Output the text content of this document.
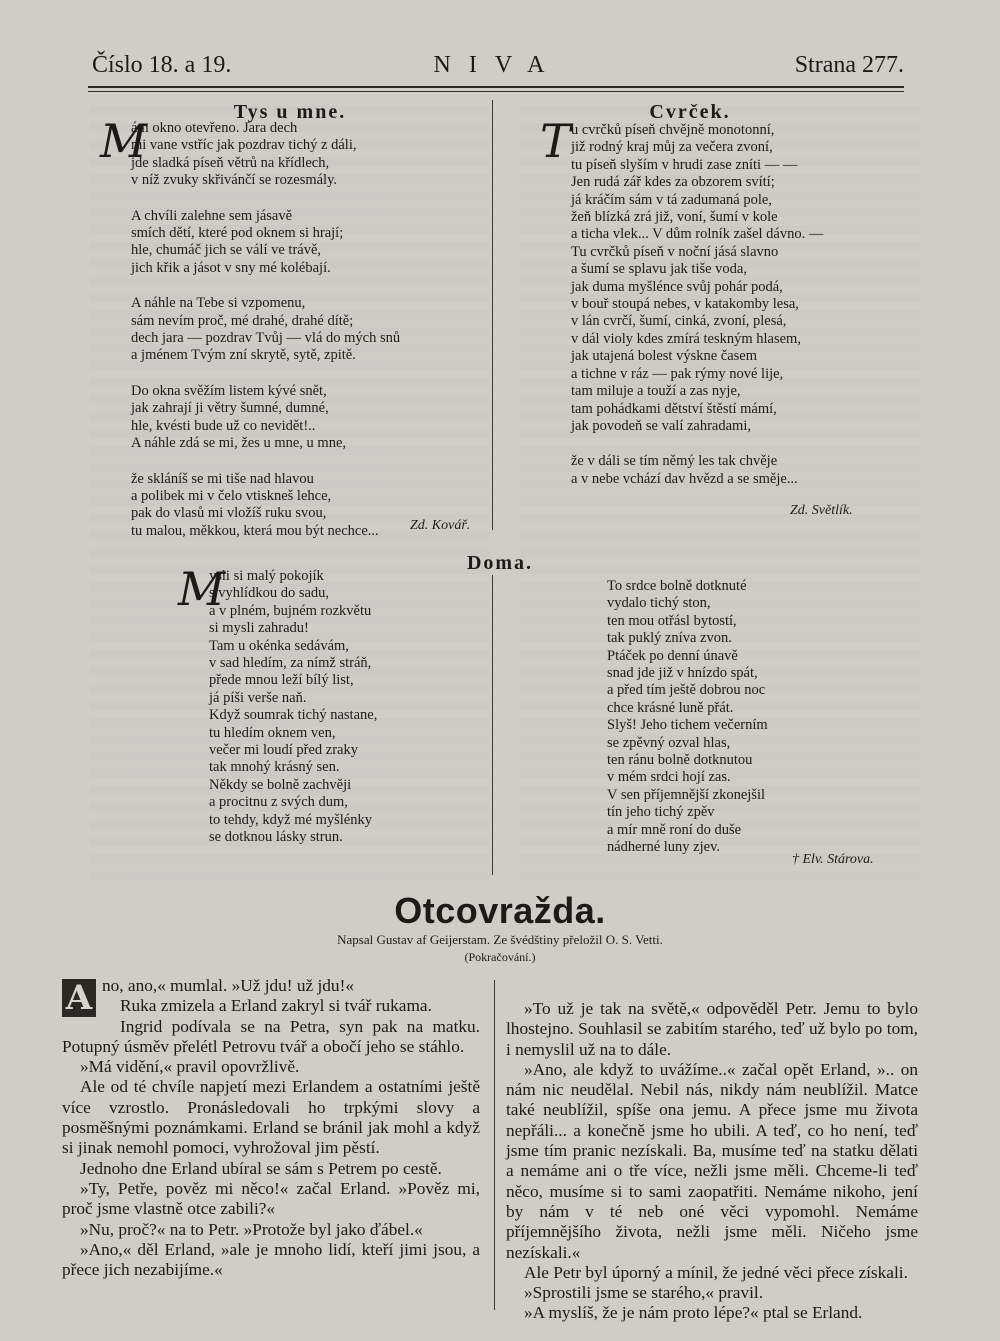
Číslo 18. a 19.	NIVA	Strana 277.
Tys u mne.
M
ám okno otevřeno. Jara dech
mi vane vstříc jak pozdrav tichý z dáli,
jde sladká píseň větrů na křídlech,
v níž zvuky skřivánčí se rozesmály.
A chvíli zalehne sem jásavě
smích dětí, které pod oknem si hrají;
hle, chumáč jich se válí ve trávě,
jich křik a jásot v sny mé kolébají.
A náhle na Tebe si vzpomenu,
sám nevím proč, mé drahé, drahé dítě;
dech jara — pozdrav Tvůj — vlá do mých snů
a jménem Tvým zní skrytě, sytě, zpitě.
Do okna svěžím listem kývé snět,
jak zahrají ji větry šumné, dumné,
hle, kvésti bude už co nevidět!..
A náhle zdá se mi, žes u mne, u mne,
že skláníš se mi tiše nad hlavou
a polibek mi v čelo vtiskneš lehce,
pak do vlasů mi vložíš ruku svou,
tu malou, měkkou, která mou být nechce...	Zd. Kovář.
Cvrček.
T u cvrčků píseň chvějně monotonní,
již rodný kraj můj za večera zvoní,
tu píseň slyším v hrudi zase zníti — —
Jen rudá zář kdes za obzorem svítí;
já kráčím sám v tá zadumaná pole,
žeň blízká zrá již, voní, šumí v kole
a ticha vlek... V dům rolník zašel dávno. —
Tu cvrčků píseň v noční jásá slavno
a šumí se splavu jak tiše voda,
jak duma myšlénce svůj pohár podá,
v bouř stoupá nebes, v katakomby lesa,
v lán cvrčí, šumí, cinká, zvoní, plesá,
v dál violy kdes zmírá teskným hlasem,
jak utajená bolest výskne časem
a tichne v ráz — pak rýmy nové lije,
tam miluje a touží a zas nyje,
tam pohádkami dětství štěstí mámí,
jak povodeň se valí zahradami,
že v dáli se tím němý les tak chvěje
a v nebe vchází dav hvězd a se směje...
Zd. Světlík.
Doma.
M
ysli si malý pokojík
s vyhlídkou do sadu,
a v plném, bujném rozkvětu
si mysli zahradu!
Tam u okénka sedávám,
v sad hledím, za nímž stráň,
přede mnou leží bílý list,
já píši verše naň.
Když soumrak tichý nastane,
tu hledím oknem ven,
večer mi loudí před zraky
tak mnohý krásný sen.
Někdy se bolně zachvěji
a procitnu z svých dum,
to tehdy, když mé myšlénky
se dotknou lásky strun.
To srdce bolně dotknuté
vydalo tichý ston,
ten mou otřásl bytostí,
tak puklý zníva zvon.
Ptáček po denní únavě
snad jde již v hnízdo spát,
a před tím ještě dobrou noc
chce krásné luně přát.
Slyš! Jeho tichem večerním
se zpěvný ozval hlas,
ten ránu bolně dotknutou
v mém srdci hojí zas.
V sen příjemnější zkonejšil
tín jeho tichý zpěv
a mír mně roní do duše
nádherné luny zjev.
† Elv. Stárova.
Otcovražda.
Napsal Gustav af Geijerstam. Ze švédštiny přeložil O. S. Vetti.
(Pokračování.)

A no, ano,« mumlal. »Už jdu! už jdu!«

Ruka zmizela a Erland zakryl si tvář rukama.

Ingrid podívala se na Petra, syn pak na matku. Potupný úsměv přelétl Petrovu tvář a obočí jeho se stáhlo.

»Má vidění,« pravil opovržlivě.

Ale od té chvíle napjetí mezi Erlandem a ostatními ještě více vzrostlo. Pronásledovali ho trpkými slovy a posměšnými poznámkami. Erland se bránil jak mohl a když si jinak nemohl pomoci, vyhrožoval jim pěstí.

Jednoho dne Erland ubíral se sám s Petrem po cestě.

»Ty, Petře, pověz mi něco!« začal Erland. »Pověz mi, proč jsme vlastně otce zabili?«

»Nu, proč?« na to Petr. »Protože byl jako ďábel.«

»Ano,« děl Erland, »ale je mnoho lidí, kteří jimi jsou, a přece jich nezabijíme.«

»To už je tak na světě,« odpověděl Petr. Jemu to bylo lhostejno. Souhlasil se zabitím starého, teď už bylo po tom, i nemyslil už na to dále.

»Ano, ale když to uvážíme..« začal opět Erland, ».. on nám nic neudělal. Nebil nás, nikdy nám neublížil. Matce také neublížil, spíše ona jemu. A přece jsme mu života nepřáli... a konečně jsme ho ubili. A teď, co ho není, teď jsme tím pranic nezískali. Ba, musíme teď na statku dělati a nemáme ani o tře více, nežli jsme měli. Chceme-li teď něco, musíme si to sami zaopatřiti. Nemáme nikoho, jení by nám v té neb oné věci vypomohl. Nemáme příjemnějšího života, nežli jsme měli. Ničeho jsme nezískali.«

Ale Petr byl úporný a mínil, že jedné věci přece získali.

»Sprostili jsme se starého,« pravil.

»A myslíš, že je nám proto lépe?« ptal se Erland.
